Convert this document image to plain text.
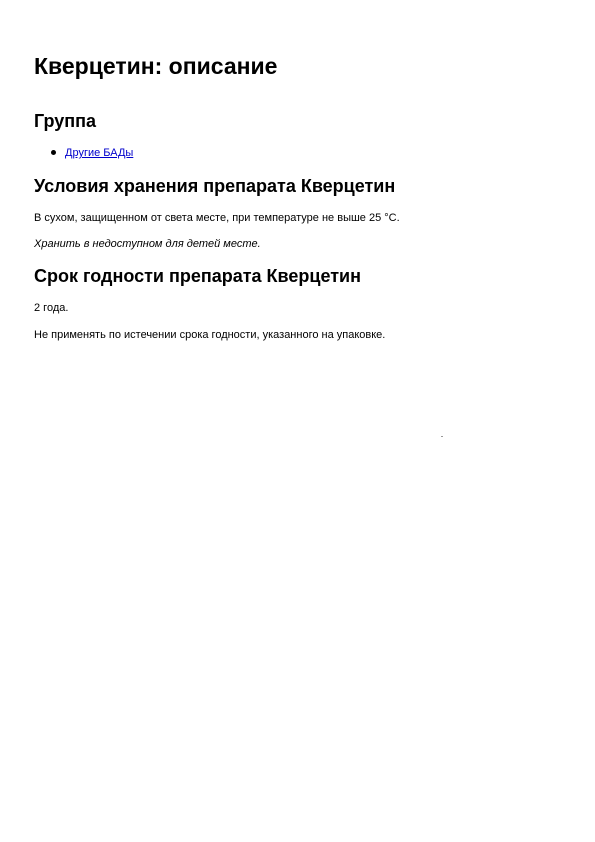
Кверцетин: описание
Группа
Другие БАДы
Условия хранения препарата Кверцетин

В сухом, защищенном от света месте, при температуре не выше 25 °C.

Хранить в недоступном для детей месте.

Срок годности препарата Кверцетин

2 года.

Не применять по истечении срока годности, указанного на упаковке.
